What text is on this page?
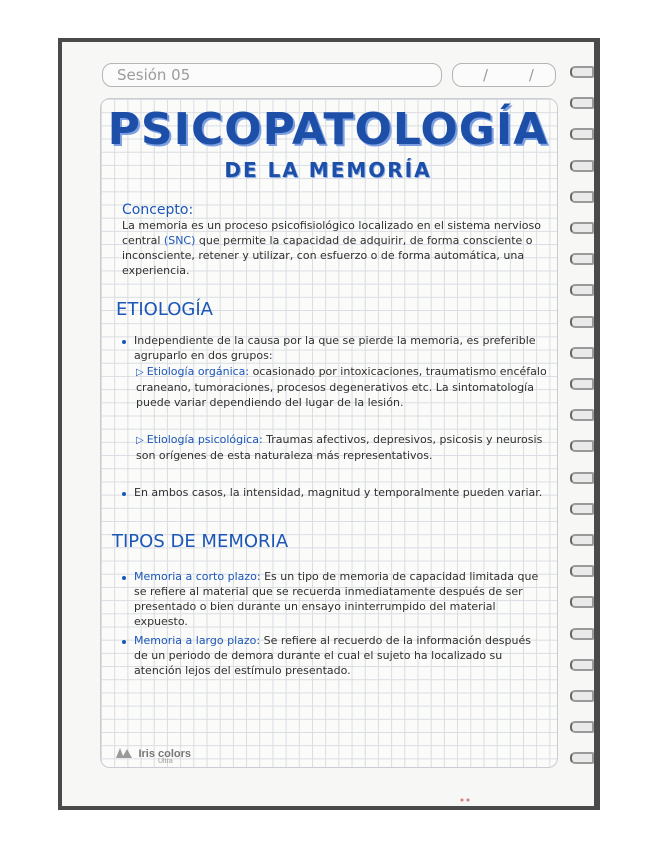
Sesión 05	/ /
PSICOPATOLOGÍA
DE LA MEMORÍA
Concepto:
La memoria es un proceso psicofisiológico localizado en el sistema nervioso central (SNC) que permite la capacidad de adquirir, de forma consciente o inconsciente, retener y utilizar, con esfuerzo o de forma automática, una experiencia.
ETIOLOGÍA
Independiente de la causa por la que se pierde la memoria, es preferible agruparlo en dos grupos:
▷ Etiología orgánica: ocasionado por intoxicaciones, traumatismo encéfalo craneano, tumoraciones, procesos degenerativos etc. La sintomatología puede variar dependiendo del lugar de la lesión.
▷ Etiología psicológica: Traumas afectivos, depresivos, psicosis y neurosis son orígenes de esta naturaleza más representativos.
En ambos casos, la intensidad, magnitud y temporalmente pueden variar.
TIPOS DE MEMORIA
Memoria a corto plazo: Es un tipo de memoria de capacidad limitada que se refiere al material que se recuerda inmediatamente después de ser presentado o bien durante un ensayo ininterrumpido del material expuesto.
Memoria a largo plazo: Se refiere al recuerdo de la información después de un periodo de demora durante el cual el sujeto ha localizado su atención lejos del estímulo presentado.
Iris colors
Ultra
